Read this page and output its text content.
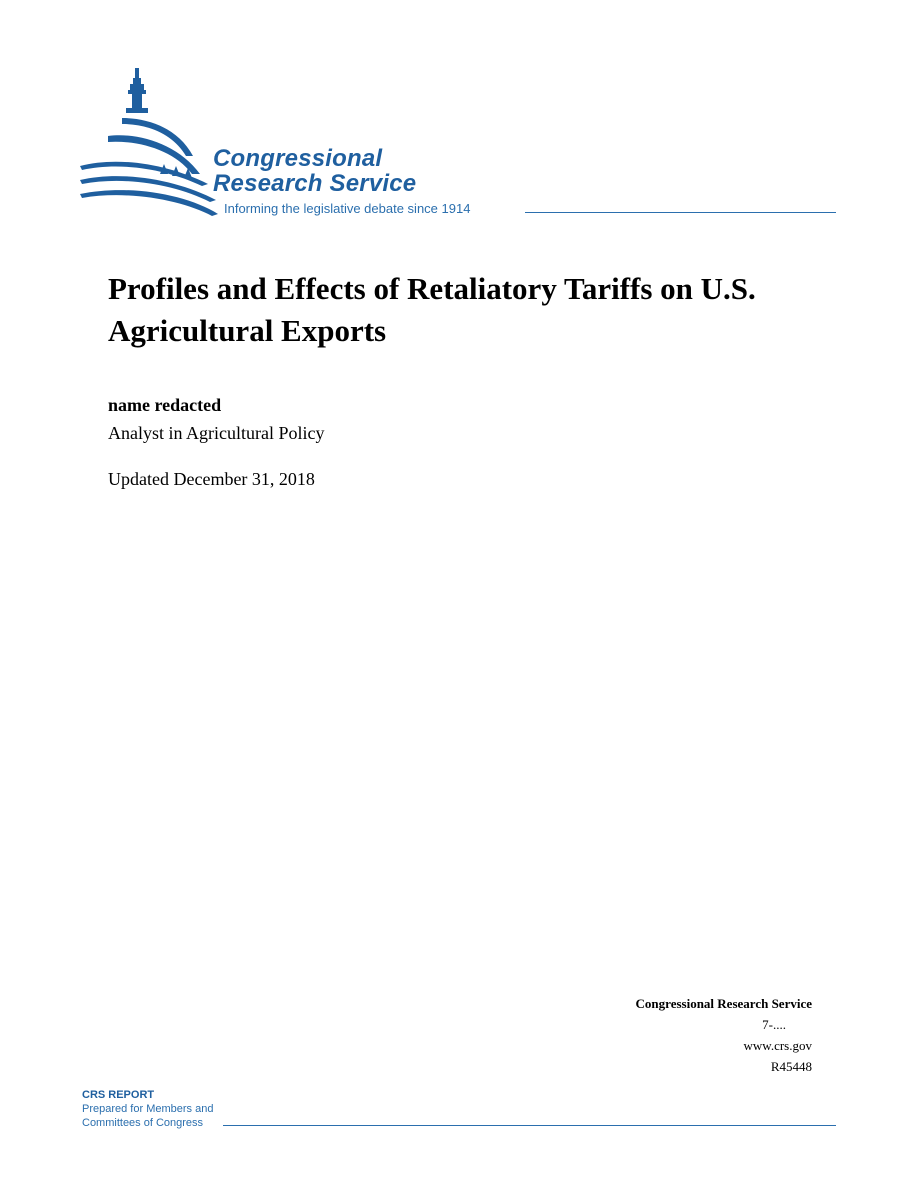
Congressional
Research Service
Informing the legislative debate since 1914
Profiles and Effects of Retaliatory Tariffs on U.S. Agricultural Exports
name redacted
Analyst in Agricultural Policy
Updated December 31, 2018
Congressional Research Service
7-....
www.crs.gov
R45448
CRS REPORT
Prepared for Members and
Committees of Congress
